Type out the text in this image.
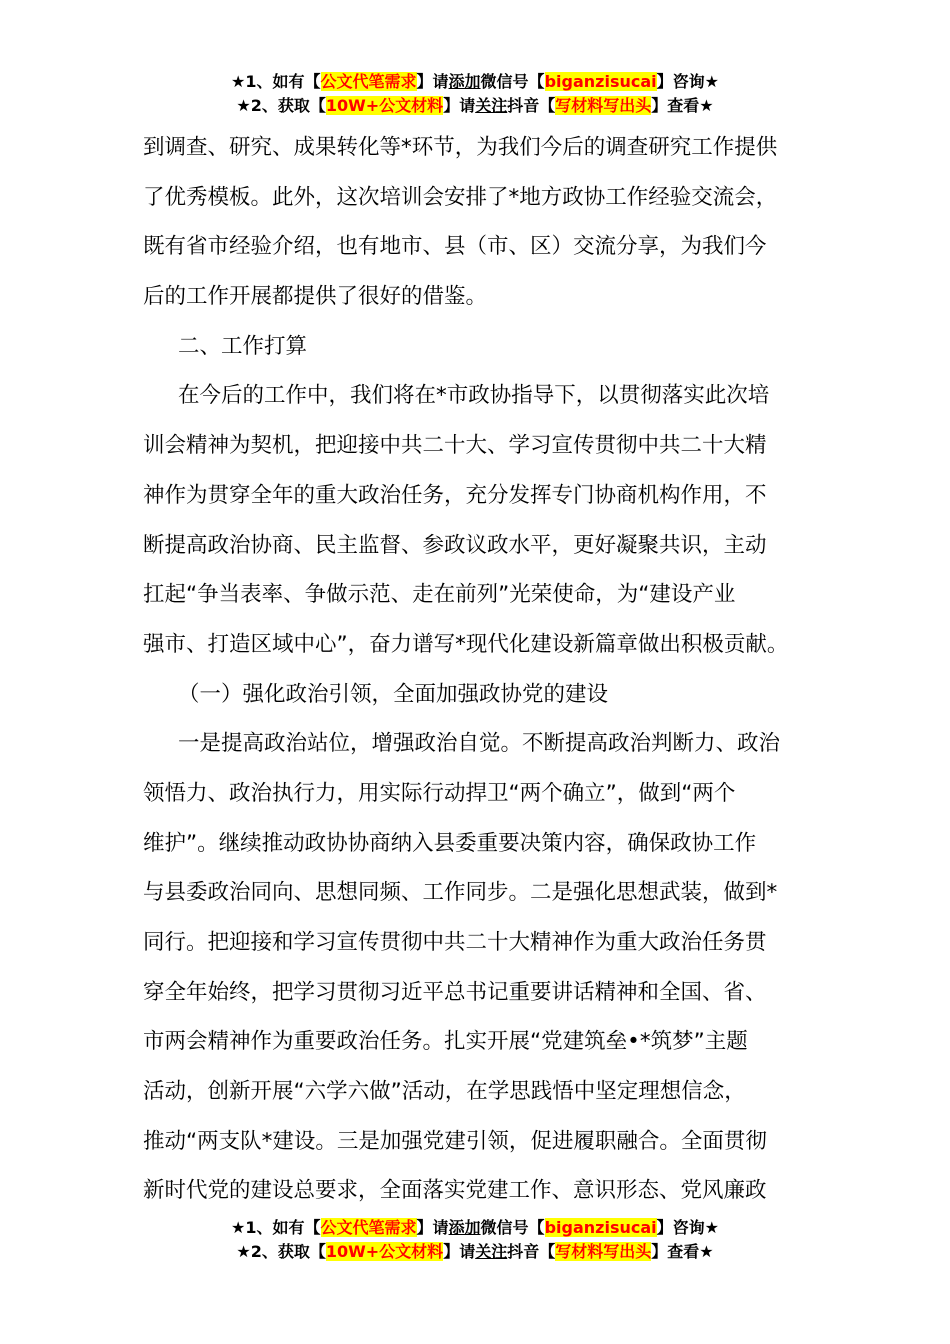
★1、如有【公文代笔需求】请添加微信号【biganzisucai】咨询★
★2、获取【10W+公文材料】请关注抖音【写材料写出头】查看★
到调查、研究、成果转化等*环节，为我们今后的调查研究工作提供
了优秀模板。此外，这次培训会安排了*地方政协工作经验交流会，
既有省市经验介绍，也有地市、县（市、区）交流分享，为我们今
后的工作开展都提供了很好的借鉴。
二、工作打算
在今后的工作中，我们将在*市政协指导下，以贯彻落实此次培
训会精神为契机，把迎接中共二十大、学习宣传贯彻中共二十大精
神作为贯穿全年的重大政治任务，充分发挥专门协商机构作用，不
断提高政治协商、民主监督、参政议政水平，更好凝聚共识，主动
扛起“争当表率、争做示范、走在前列”光荣使命，为“建设产业
强市、打造区域中心”，奋力谱写*现代化建设新篇章做出积极贡献。
（一）强化政治引领，全面加强政协党的建设
一是提高政治站位，增强政治自觉。不断提高政治判断力、政治
领悟力、政治执行力，用实际行动捍卫“两个确立”，做到“两个
维护”。继续推动政协协商纳入县委重要决策内容，确保政协工作
与县委政治同向、思想同频、工作同步。二是强化思想武装，做到*
同行。把迎接和学习宣传贯彻中共二十大精神作为重大政治任务贯
穿全年始终，把学习贯彻习近平总书记重要讲话精神和全国、省、
市两会精神作为重要政治任务。扎实开展“党建筑垒•*筑梦”主题
活动，创新开展“六学六做”活动，在学思践悟中坚定理想信念，
推动“两支队*建设。三是加强党建引领，促进履职融合。全面贯彻
新时代党的建设总要求，全面落实党建工作、意识形态、党风廉政
★1、如有【公文代笔需求】请添加微信号【biganzisucai】咨询★
★2、获取【10W+公文材料】请关注抖音【写材料写出头】查看★
